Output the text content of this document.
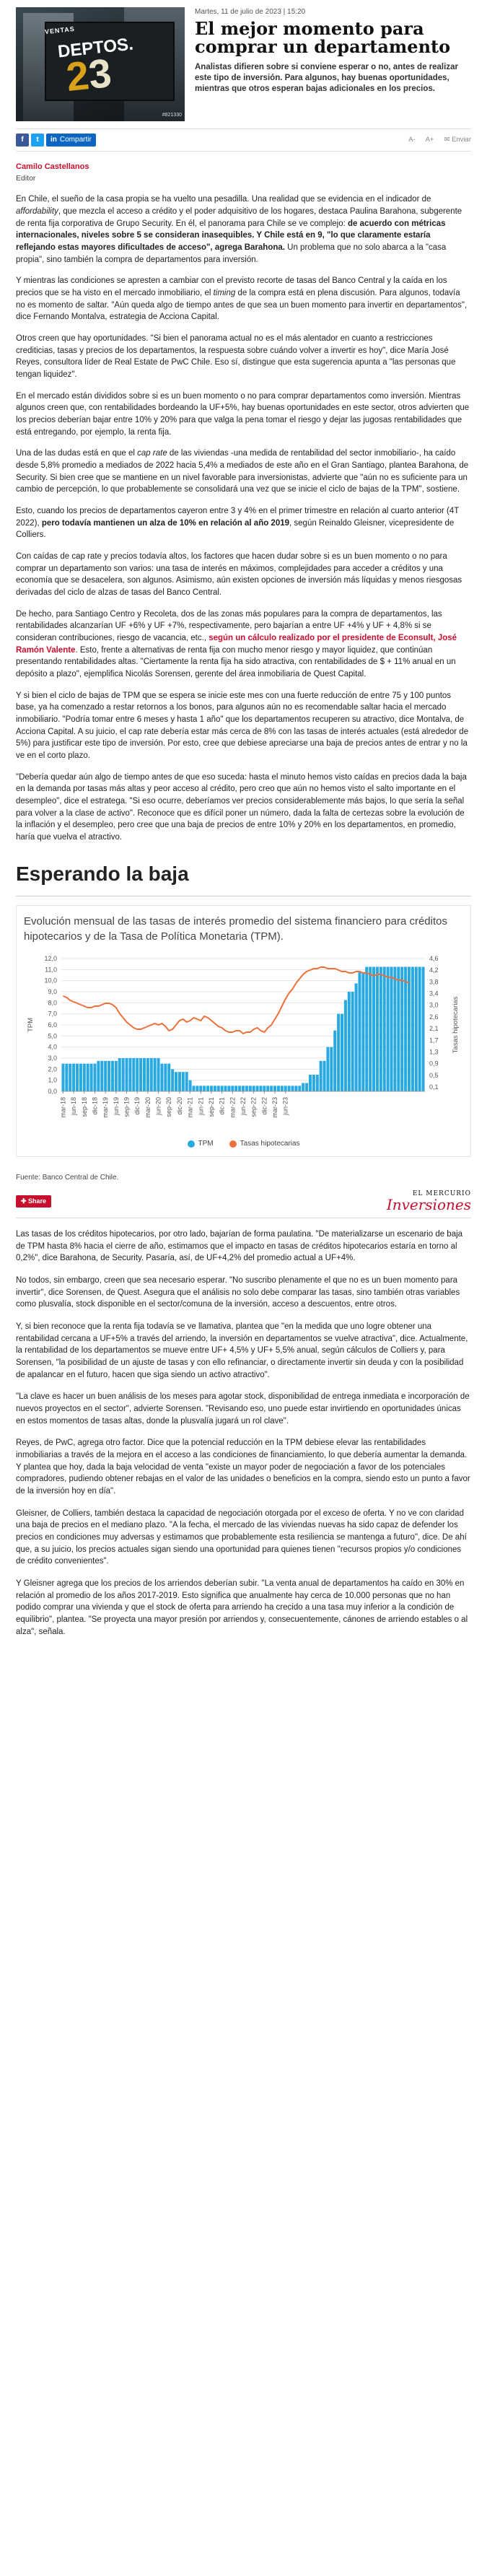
VENTAS
DEPTOS.
23
#821330
Martes, 11 de julio de 2023 | 15:20
El mejor momento para comprar un departamento

Analistas difieren sobre si conviene esperar o no, antes de realizar este tipo de inversión. Para algunos, hay buenas oportunidades, mientras que otros esperan bajas adicionales en los precios.

f	t	in Compartir	A- A+ ✉ Enviar
Camilo Castellanos
Editor

En Chile, el sueño de la casa propia se ha vuelto una pesadilla. Una realidad que se evidencia en el indicador de affordability, que mezcla el acceso a crédito y el poder adquisitivo de los hogares, destaca Paulina Barahona, subgerente de renta fija corporativa de Grupo Security. En él, el panorama para Chile se ve complejo: de acuerdo con métricas internacionales, niveles sobre 5 se consideran inasequibles. Y Chile está en 9, "lo que claramente estaría reflejando estas mayores dificultades de acceso", agrega Barahona. Un problema que no solo abarca a la "casa propia", sino también la compra de departamentos para inversión.

Y mientras las condiciones se apresten a cambiar con el previsto recorte de tasas del Banco Central y la caída en los precios que se ha visto en el mercado inmobiliario, el timing de la compra está en plena discusión. Para algunos, todavía no es momento de saltar. "Aún queda algo de tiempo antes de que sea un buen momento para invertir en departamentos", dice Fernando Montalva, estrategia de Acciona Capital.

Otros creen que hay oportunidades. "Si bien el panorama actual no es el más alentador en cuanto a restricciones crediticias, tasas y precios de los departamentos, la respuesta sobre cuándo volver a invertir es hoy", dice María José Reyes, consultora líder de Real Estate de PwC Chile. Eso sí, distingue que esta sugerencia apunta a "las personas que tengan liquidez".

En el mercado están divididos sobre si es un buen momento o no para comprar departamentos como inversión. Mientras algunos creen que, con rentabilidades bordeando la UF+5%, hay buenas oportunidades en este sector, otros advierten que los precios deberían bajar entre 10% y 20% para que valga la pena tomar el riesgo y dejar las jugosas rentabilidades que está entregando, por ejemplo, la renta fija.

Una de las dudas está en que el cap rate de las viviendas -una medida de rentabilidad del sector inmobiliario-, ha caído desde 5,8% promedio a mediados de 2022 hacia 5,4% a mediados de este año en el Gran Santiago, plantea Barahona, de Security. Si bien cree que se mantiene en un nivel favorable para inversionistas, advierte que "aún no es suficiente para un cambio de percepción, lo que probablemente se consolidará una vez que se inicie el ciclo de bajas de la TPM", sostiene.

Esto, cuando los precios de departamentos cayeron entre 3 y 4% en el primer trimestre en relación al cuarto anterior (4T 2022), pero todavía mantienen un alza de 10% en relación al año 2019, según Reinaldo Gleisner, vicepresidente de Colliers.

Con caídas de cap rate y precios todavía altos, los factores que hacen dudar sobre si es un buen momento o no para comprar un departamento son varios: una tasa de interés en máximos, complejidades para acceder a créditos y una economía que se desacelera, son algunos. Asimismo, aún existen opciones de inversión más líquidas y menos riesgosas derivadas del ciclo de alzas de tasas del Banco Central.

De hecho, para Santiago Centro y Recoleta, dos de las zonas más populares para la compra de departamentos, las rentabilidades alcanzarían UF +6% y UF +7%, respectivamente, pero bajarían a entre UF +4% y UF + 4,8% si se consideran contribuciones, riesgo de vacancia, etc., según un cálculo realizado por el presidente de Econsult, José Ramón Valente. Esto, frente a alternativas de renta fija con mucho menor riesgo y mayor liquidez, que continúan presentando rentabilidades altas. "Ciertamente la renta fija ha sido atractiva, con rentabilidades de $ + 11% anual en un depósito a plazo", ejemplifica Nicolás Sorensen, gerente del área inmobiliaria de Quest Capital.

Y si bien el ciclo de bajas de TPM que se espera se inicie este mes con una fuerte reducción de entre 75 y 100 puntos base, ya ha comenzado a restar retornos a los bonos, para algunos aún no es recomendable saltar hacia el mercado inmobiliario. "Podría tomar entre 6 meses y hasta 1 año" que los departamentos recuperen su atractivo, dice Montalva, de Acciona Capital. A su juicio, el cap rate debería estar más cerca de 8% con las tasas de interés actuales (está alrededor de 5%) para justificar este tipo de inversión. Por esto, cree que debiese apreciarse una baja de precios antes de entrar y no la ve en el corto plazo.

"Debería quedar aún algo de tiempo antes de que eso suceda: hasta el minuto hemos visto caídas en precios dada la baja en la demanda por tasas más altas y peor acceso al crédito, pero creo que aún no hemos visto el salto importante en el desempleo", dice el estratega. "Si eso ocurre, deberíamos ver precios considerablemente más bajos, lo que sería la señal para volver a la clase de activo". Reconoce que es difícil poner un número, dada la falta de certezas sobre la evolución de la inflación y el desempleo, pero cree que una baja de precios de entre 10% y 20% en los departamentos, en promedio, haría que vuelva el atractivo.

Esperando la baja
Evolución mensual de las tasas de interés promedio del sistema financiero para créditos hipotecarios y de la Tasa de Política Monetaria (TPM).
12,0
11,0
10,0
9,0
8,0
7,0
6,0
5,0
4,0
3,0
2,0
1,0
0,0
4,6
4,2
3,8
3,4
3,0
2,6
2,1
1,7
1,3
0,9
0,5
0,1
TPM	Tasas hipotecarias
mar-18 jun-18 sep-18 dic-18 mar-19 jun-19 sep-19 dic-19 mar-20 jun-20 sep-20 dic-20 mar-21 jun-21 sep-21 dic-21 mar-22 jun-22 sep-22 dic-22 mar-23 jun-23
TPM	Tasas hipotecarias
Fuente: Banco Central de Chile.
✚ Share
EL MERCURIO
Inversiones

Las tasas de los créditos hipotecarios, por otro lado, bajarían de forma paulatina. "De materializarse un escenario de baja de TPM hasta 8% hacia el cierre de año, estimamos que el impacto en tasas de créditos hipotecarios estaría en torno al 0,2%", dice Barahona, de Security. Pasaría, así, de UF+4,2% del promedio actual a UF+4%.

No todos, sin embargo, creen que sea necesario esperar. "No suscribo plenamente el que no es un buen momento para invertir", dice Sorensen, de Quest. Asegura que el análisis no solo debe comparar las tasas, sino también otras variables como plusvalía, stock disponible en el sector/comuna de la inversión, acceso a descuentos, entre otros.

Y, si bien reconoce que la renta fija todavía se ve llamativa, plantea que "en la medida que uno logre obtener una rentabilidad cercana a UF+5% a través del arriendo, la inversión en departamentos se vuelve atractiva", dice. Actualmente, la rentabilidad de los departamentos se mueve entre UF+ 4,5% y UF+ 5,5% anual, según cálculos de Colliers y, para Sorensen, "la posibilidad de un ajuste de tasas y con ello refinanciar, o directamente invertir sin deuda y con la posibilidad de apalancar en el futuro, hacen que siga siendo un activo atractivo".

"La clave es hacer un buen análisis de los meses para agotar stock, disponibilidad de entrega inmediata e incorporación de nuevos proyectos en el sector", advierte Sorensen. "Revisando eso, uno puede estar invirtiendo en oportunidades únicas en estos momentos de tasas altas, donde la plusvalía jugará un rol clave".

Reyes, de PwC, agrega otro factor. Dice que la potencial reducción en la TPM debiese elevar las rentabilidades inmobiliarias a través de la mejora en el acceso a las condiciones de financiamiento, lo que debería aumentar la demanda. Y plantea que hoy, dada la baja velocidad de venta "existe un mayor poder de negociación a favor de los potenciales compradores, pudiendo obtener rebajas en el valor de las unidades o beneficios en la compra, siendo esto un punto a favor de la inversión hoy en día".

Gleisner, de Colliers, también destaca la capacidad de negociación otorgada por el exceso de oferta. Y no ve con claridad una baja de precios en el mediano plazo. "A la fecha, el mercado de las viviendas nuevas ha sido capaz de defender los precios en condiciones muy adversas y estimamos que probablemente esta resiliencia se mantenga a futuro", dice. De ahí que, a su juicio, los precios actuales sigan siendo una oportunidad para quienes tienen "recursos propios y/o condiciones de crédito convenientes".

Y Gleisner agrega que los precios de los arriendos deberían subir. "La venta anual de departamentos ha caído en 30% en relación al promedio de los años 2017-2019. Esto significa que anualmente hay cerca de 10.000 personas que no han podido comprar una vivienda y que el stock de oferta para arriendo ha crecido a una tasa muy inferior a la condición de equilibrio", plantea. "Se proyecta una mayor presión por arriendos y, consecuentemente, cánones de arriendo estables o al alza", señala.
